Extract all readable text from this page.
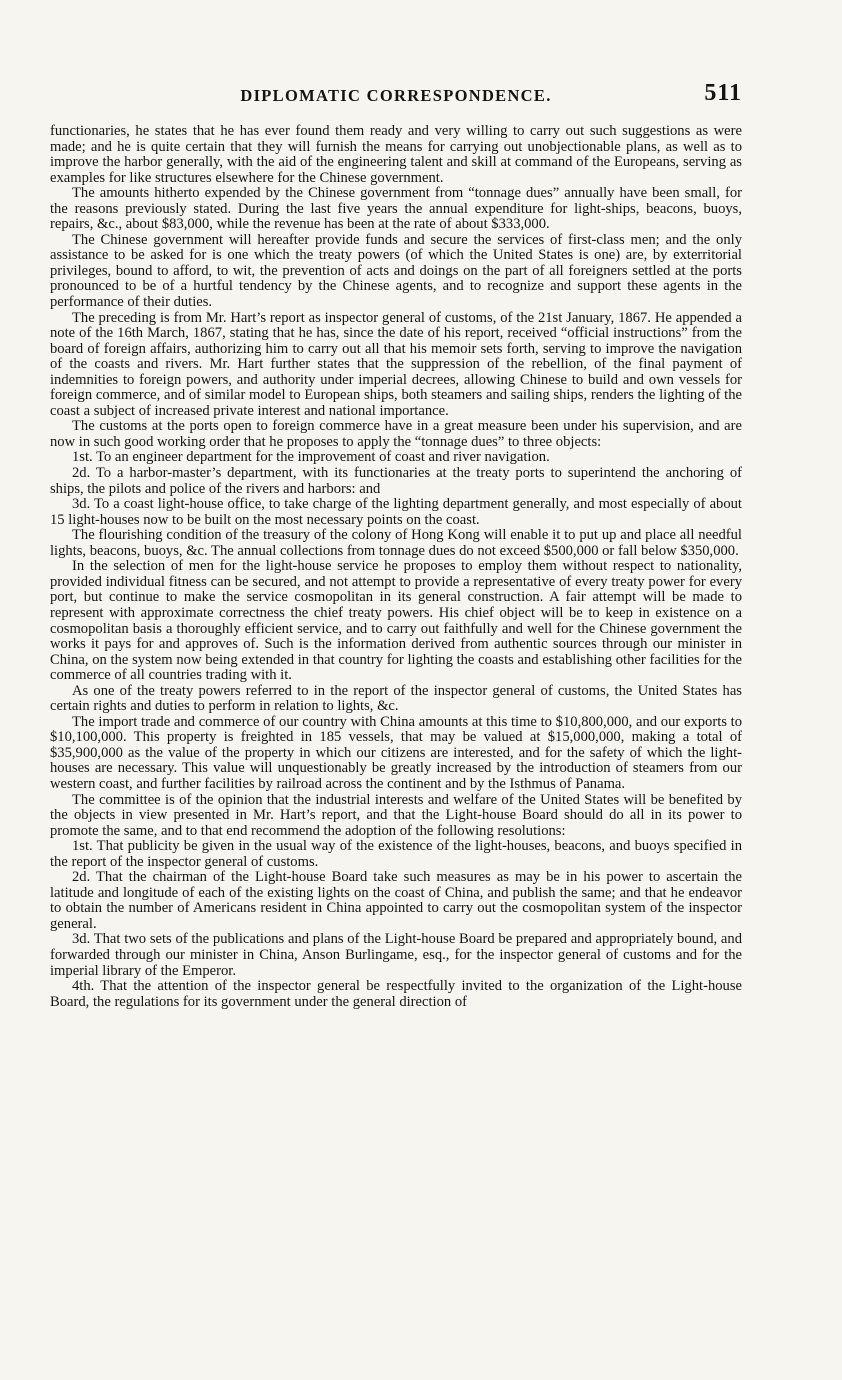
DIPLOMATIC CORRESPONDENCE.	511

functionaries, he states that he has ever found them ready and very willing to carry out such suggestions as were made; and he is quite certain that they will furnish the means for carrying out unobjectionable plans, as well as to improve the harbor generally, with the aid of the engineering talent and skill at command of the Europeans, serving as examples for like structures elsewhere for the Chinese government.

The amounts hitherto expended by the Chinese government from “tonnage dues” annually have been small, for the reasons previously stated. During the last five years the annual expenditure for light-ships, beacons, buoys, repairs, &c., about $83,000, while the revenue has been at the rate of about $333,000.

The Chinese government will hereafter provide funds and secure the services of first-class men; and the only assistance to be asked for is one which the treaty powers (of which the United States is one) are, by exterritorial privileges, bound to afford, to wit, the prevention of acts and doings on the part of all foreigners settled at the ports pronounced to be of a hurtful tendency by the Chinese agents, and to recognize and support these agents in the performance of their duties.

The preceding is from Mr. Hart’s report as inspector general of customs, of the 21st January, 1867. He appended a note of the 16th March, 1867, stating that he has, since the date of his report, received “official instructions” from the board of foreign affairs, authorizing him to carry out all that his memoir sets forth, serving to improve the navigation of the coasts and rivers. Mr. Hart further states that the suppression of the rebellion, of the final payment of indemnities to foreign powers, and authority under imperial decrees, allowing Chinese to build and own vessels for foreign commerce, and of similar model to European ships, both steamers and sailing ships, renders the lighting of the coast a subject of increased private interest and national importance.

The customs at the ports open to foreign commerce have in a great measure been under his supervision, and are now in such good working order that he proposes to apply the “tonnage dues” to three objects:

1st. To an engineer department for the improvement of coast and river navigation.

2d. To a harbor-master’s department, with its functionaries at the treaty ports to superintend the anchoring of ships, the pilots and police of the rivers and harbors: and

3d. To a coast light-house office, to take charge of the lighting department generally, and most especially of about 15 light-houses now to be built on the most necessary points on the coast.

The flourishing condition of the treasury of the colony of Hong Kong will enable it to put up and place all needful lights, beacons, buoys, &c. The annual collections from tonnage dues do not exceed $500,000 or fall below $350,000.

In the selection of men for the light-house service he proposes to employ them without respect to nationality, provided individual fitness can be secured, and not attempt to provide a representative of every treaty power for every port, but continue to make the service cosmopolitan in its general construction. A fair attempt will be made to represent with approximate correctness the chief treaty powers. His chief object will be to keep in existence on a cosmopolitan basis a thoroughly efficient service, and to carry out faithfully and well for the Chinese government the works it pays for and approves of. Such is the information derived from authentic sources through our minister in China, on the system now being extended in that country for lighting the coasts and establishing other facilities for the commerce of all countries trading with it.

As one of the treaty powers referred to in the report of the inspector general of customs, the United States has certain rights and duties to perform in relation to lights, &c.

The import trade and commerce of our country with China amounts at this time to $10,800,000, and our exports to $10,100,000. This property is freighted in 185 vessels, that may be valued at $15,000,000, making a total of $35,900,000 as the value of the property in which our citizens are interested, and for the safety of which the light-houses are necessary. This value will unquestionably be greatly increased by the introduction of steamers from our western coast, and further facilities by railroad across the continent and by the Isthmus of Panama.

The committee is of the opinion that the industrial interests and welfare of the United States will be benefited by the objects in view presented in Mr. Hart’s report, and that the Light-house Board should do all in its power to promote the same, and to that end recommend the adoption of the following resolutions:

1st. That publicity be given in the usual way of the existence of the light-houses, beacons, and buoys specified in the report of the inspector general of customs.

2d. That the chairman of the Light-house Board take such measures as may be in his power to ascertain the latitude and longitude of each of the existing lights on the coast of China, and publish the same; and that he endeavor to obtain the number of Americans resident in China appointed to carry out the cosmopolitan system of the inspector general.

3d. That two sets of the publications and plans of the Light-house Board be prepared and appropriately bound, and forwarded through our minister in China, Anson Burlingame, esq., for the inspector general of customs and for the imperial library of the Emperor.

4th. That the attention of the inspector general be respectfully invited to the organization of the Light-house Board, the regulations for its government under the general direction of
